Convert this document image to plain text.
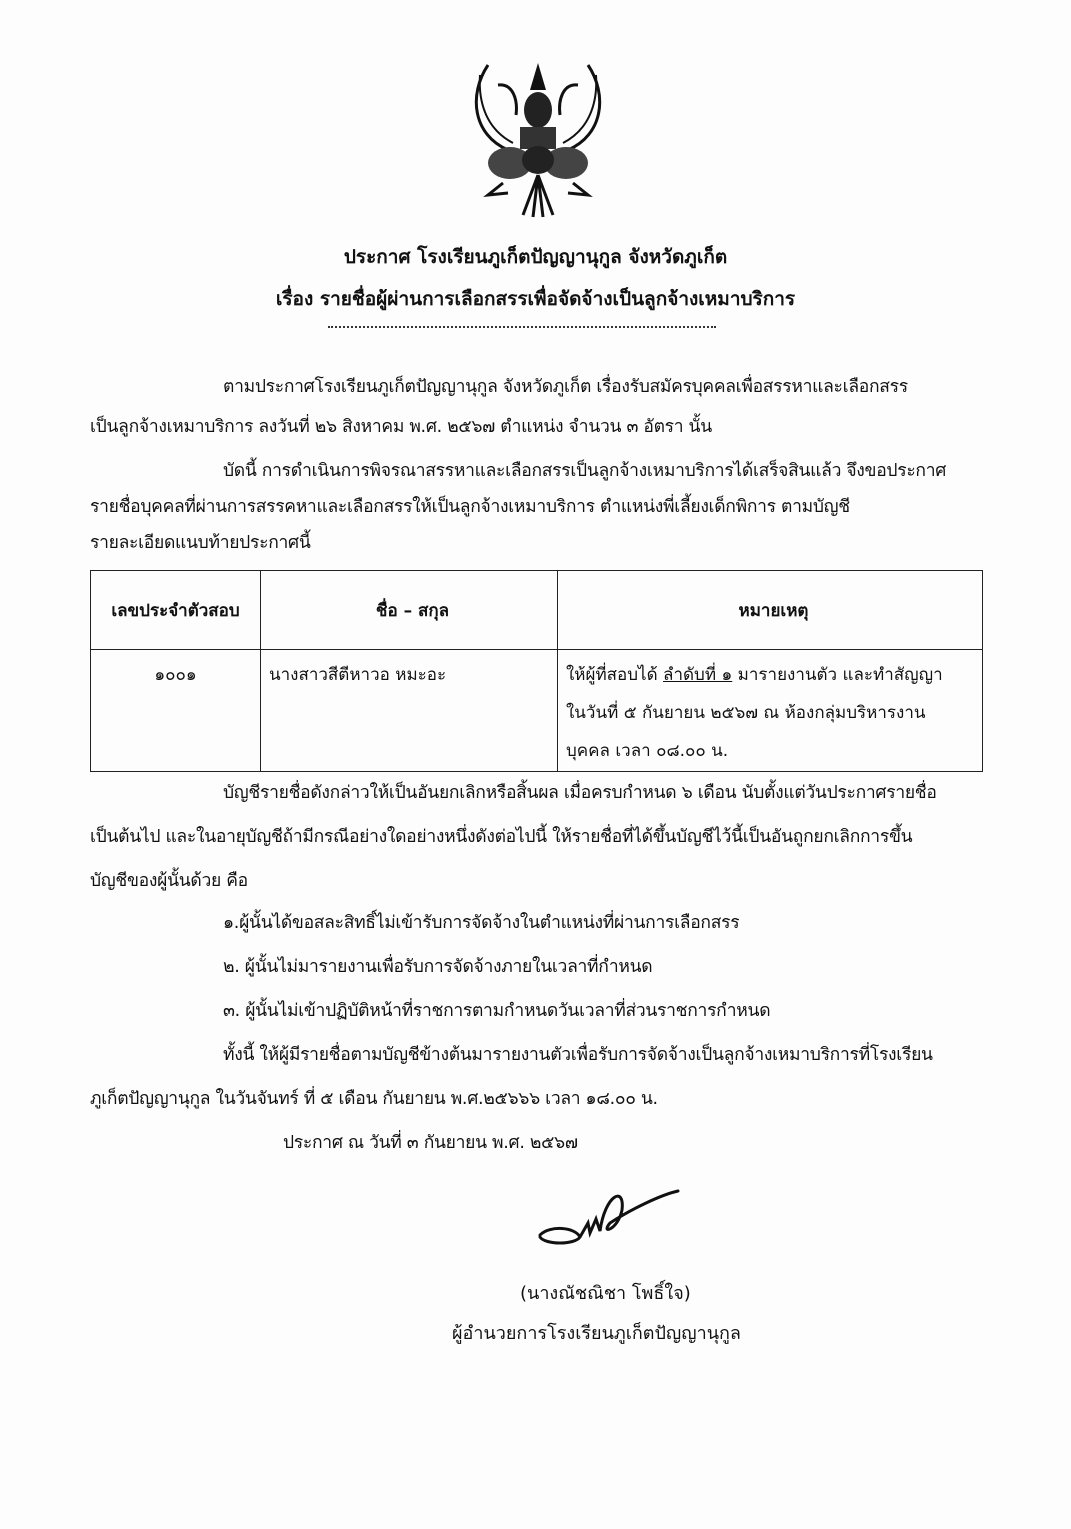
ประกาศ โรงเรียนภูเก็ตปัญญานุกูล จังหวัดภูเก็ต
เรื่อง รายชื่อผู้ผ่านการเลือกสรรเพื่อจัดจ้างเป็นลูกจ้างเหมาบริการ
ตามประกาศโรงเรียนภูเก็ตปัญญานุกูล จังหวัดภูเก็ต เรื่องรับสมัครบุคคลเพื่อสรรหาและเลือกสรร
เป็นลูกจ้างเหมาบริการ ลงวันที่ ๒๖ สิงหาคม พ.ศ. ๒๕๖๗ ตำแหน่ง จำนวน ๓ อัตรา นั้น
บัดนี้ การดำเนินการพิจรณาสรรหาและเลือกสรรเป็นลูกจ้างเหมาบริการได้เสร็จสินแล้ว จึงขอประกาศ
รายชื่อบุคคลที่ผ่านการสรรคหาและเลือกสรรให้เป็นลูกจ้างเหมาบริการ ตำแหน่งพี่เลี้ยงเด็กพิการ ตามบัญชี
รายละเอียดแนบท้ายประกาศนี้
เลขประจำตัวสอบ	ชื่อ – สกุล	หมายเหตุ
๑๐๐๑	นางสาวสีตีหาวอ หมะอะ	ให้ผู้ที่สอบได้ ลำดับที่ ๑ มารายงานตัว และทำสัญญา
ในวันที่ ๕ กันยายน ๒๕๖๗ ณ ห้องกลุ่มบริหารงาน
บุคคล เวลา ๐๘.๐๐ น.
บัญชีรายชื่อดังกล่าวให้เป็นอันยกเลิกหรือสิ้นผล เมื่อครบกำหนด ๖ เดือน นับตั้งแต่วันประกาศรายชื่อ
เป็นต้นไป และในอายุบัญชีถ้ามีกรณีอย่างใดอย่างหนึ่งดังต่อไปนี้ ให้รายชื่อที่ได้ขึ้นบัญชีไว้นี้เป็นอันถูกยกเลิกการขึ้น
บัญชีของผู้นั้นด้วย คือ
๑.ผู้นั้นได้ขอสละสิทธิ์ไม่เข้ารับการจัดจ้างในตำแหน่งที่ผ่านการเลือกสรร
๒. ผู้นั้นไม่มารายงานเพื่อรับการจัดจ้างภายในเวลาที่กำหนด
๓. ผู้นั้นไม่เข้าปฏิบัติหน้าที่ราชการตามกำหนดวันเวลาที่ส่วนราชการกำหนด
ทั้งนี้ ให้ผู้มีรายชื่อตามบัญชีข้างต้นมารายงานตัวเพื่อรับการจัดจ้างเป็นลูกจ้างเหมาบริการที่โรงเรียน
ภูเก็ตปัญญานุกูล ในวันจันทร์ ที่ ๕ เดือน กันยายน พ.ศ.๒๕๖๖๖ เวลา ๑๘.๐๐ น.
ประกาศ ณ วันที่ ๓ กันยายน พ.ศ. ๒๕๖๗
(นางณัชณิชา โพธิ์ใจ)
ผู้อำนวยการโรงเรียนภูเก็ตปัญญานุกูล
